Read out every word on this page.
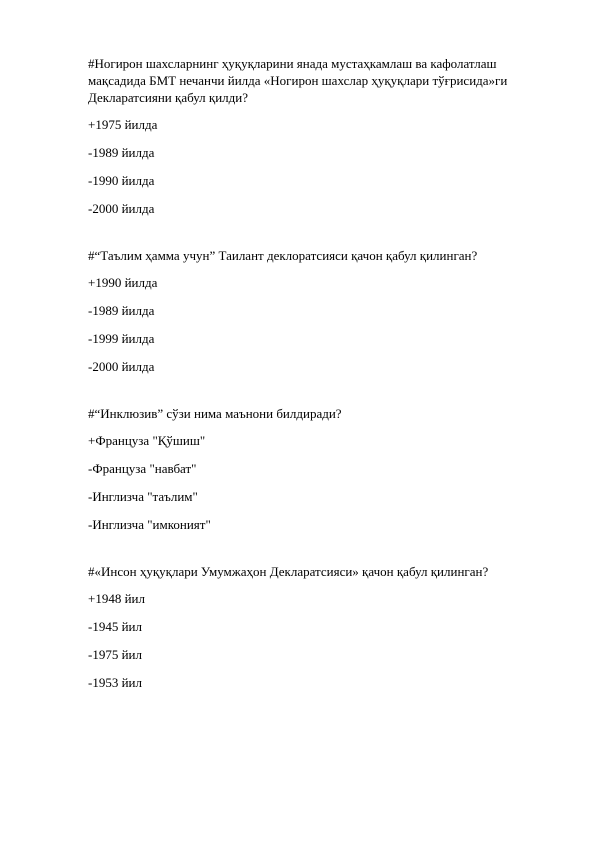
#Ногирон шахсларнинг ҳуқуқларини янада мустаҳкамлаш ва кафолатлаш мақсадида БМТ нечанчи йилда «Ногирон шахслар ҳуқуқлари тўғрисида»ги Декларатсияни қабул қилди?
+1975 йилда
-1989 йилда
-1990 йилда
-2000 йилда
#“Таълим ҳамма учун” Таилант деклоратсияси қачон қабул қилинган?
+1990 йилда
-1989 йилда
-1999 йилда
-2000 йилда
#“Инклюзив” сўзи нима маънони билдиради?
+Француза "Қўшиш"
-Француза "навбат"
-Инглизча "таълим"
-Инглизча "имконият"
#«Инсон ҳуқуқлари Умумжаҳон Декларатсияси» қачон қабул қилинган?
+1948 йил
-1945 йил
-1975 йил
-1953 йил
